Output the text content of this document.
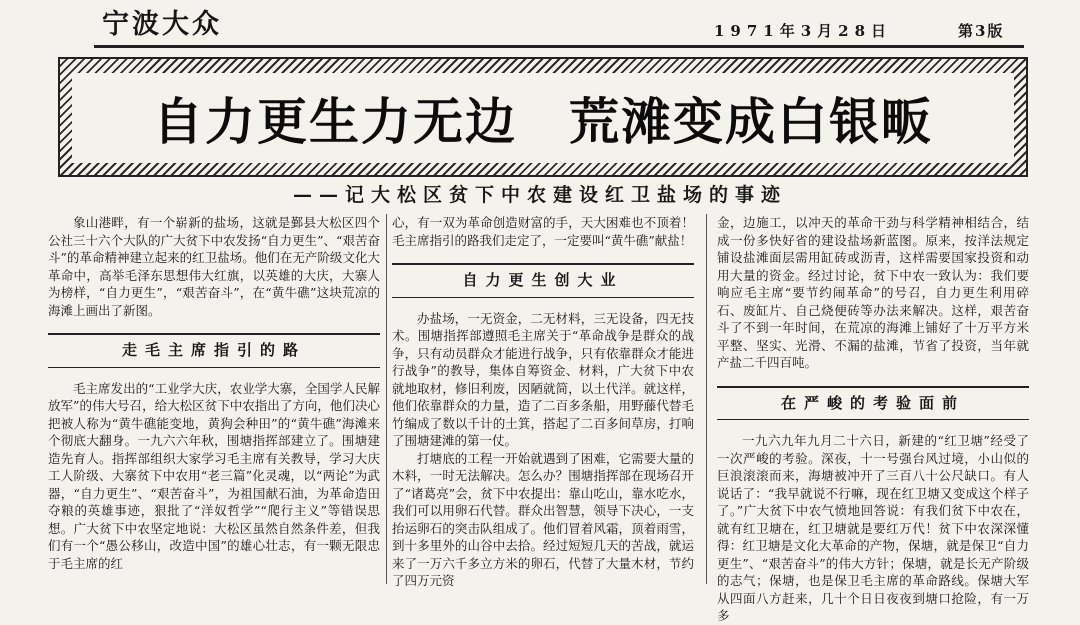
宁波大众	1971年3月28日	第3版
自力更生力无边　荒滩变成白银畈
——记大松区贫下中农建设红卫盐场的事迹

象山港畔，有一个崭新的盐场，这就是鄞县大松区四个公社三十六个大队的广大贫下中农发扬“自力更生”、“艰苦奋斗”的革命精神建立起来的红卫盐场。他们在无产阶级文化大革命中，高举毛泽东思想伟大红旗，以英雄的大庆，大寨人为榜样，“自力更生”，“艰苦奋斗”，在“黄牛礁”这块荒凉的海滩上画出了新图。

走毛主席指引的路

毛主席发出的“工业学大庆，农业学大寨，全国学人民解放军”的伟大号召，给大松区贫下中农指出了方向，他们决心把被人称为“黄牛礁能变地，黄狗会种田”的“黄牛礁”海滩来个彻底大翻身。一九六六年秋，围塘指挥部建立了。围塘建造先育人。指挥部组织大家学习毛主席有关教导，学习大庆工人阶级、大寨贫下中农用“老三篇”化灵魂，以“两论”为武器，“自力更生”、“艰苦奋斗”，为祖国献石油，为革命造田夺粮的英雄事迹，狠批了“洋奴哲学”“爬行主义”等错误思想。广大贫下中农坚定地说：大松区虽然自然条件差，但我们有一个“愚公移山，改造中国”的雄心壮志，有一颗无限忠于毛主席的红

心，有一双为革命创造财富的手，天大困难也不顶着！毛主席指引的路我们走定了，一定要叫“黄牛礁”献盐！

自力更生创大业

办盐场，一无资金，二无材料，三无设备，四无技术。围塘指挥部遵照毛主席关于“革命战争是群众的战争，只有动员群众才能进行战争，只有依靠群众才能进行战争”的教导，集体自筹资金、材料，广大贫下中农就地取材，修旧利废，因陋就简，以土代洋。就这样，他们依靠群众的力量，造了二百多条船，用野藤代替毛竹编成了数以千计的土箕，搭起了二百多间草房，打响了围塘建滩的第一仗。

打塘底的工程一开始就遇到了困难，它需要大量的木料，一时无法解决。怎么办？围塘指挥部在现场召开了“诸葛亮”会，贫下中农提出：靠山吃山，靠水吃水，我们可以用卵石代替。群众出智慧，领导下决心，一支抬运卵石的突击队组成了。他们冒着风霜，顶着雨雪，到十多里外的山谷中去拾。经过短短几天的苦战，就运来了一万六千多立方米的卵石，代替了大量木材，节约了四万元资

金，边施工，以冲天的革命干劲与科学精神相结合，结成一份多快好省的建设盐场新蓝图。原来，按洋法规定铺设盐滩面层需用缸砖或沥青，这样需要国家投资和动用大量的资金。经过讨论，贫下中农一致认为：我们要响应毛主席“要节约闹革命”的号召，自力更生利用碎石、废缸片、自己烧便砖等办法来解决。这样，艰苦奋斗了不到一年时间，在荒凉的海滩上铺好了十万平方米平整、坚实、光滑、不漏的盐滩，节省了投资，当年就产盐二千四百吨。

在严峻的考验面前

一九六九年九月二十六日，新建的“红卫塘”经受了一次严峻的考验。深夜，十一号强台风过境，小山似的巨浪滚滚而来，海塘被冲开了三百八十公尺缺口。有人说话了：“我早就说不行嘛，现在红卫塘又变成这个样子了。”广大贫下中农气愤地回答说：有我们贫下中农在，就有红卫塘在，红卫塘就是要红万代！贫下中农深深懂得：红卫塘是文化大革命的产物，保塘，就是保卫“自力更生”、“艰苦奋斗”的伟大方针；保塘，就是长无产阶级的志气；保塘，也是保卫毛主席的革命路线。保塘大军从四面八方赶来，几十个日日夜夜到塘口抢险，有一万多
